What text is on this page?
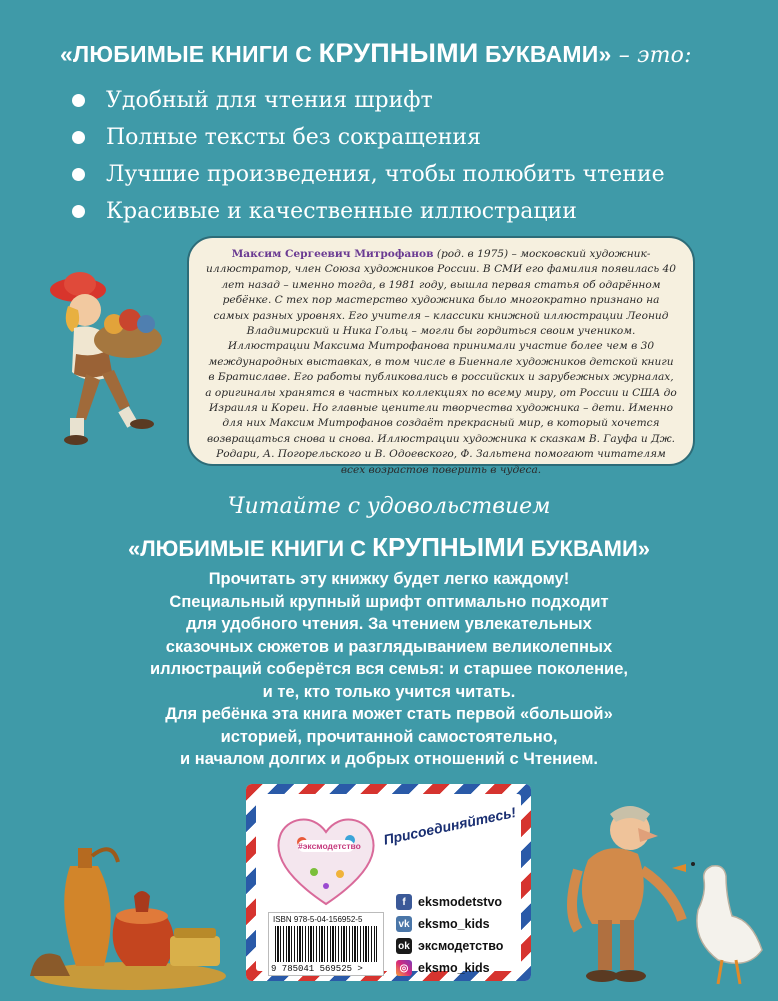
«ЛЮБИМЫЕ КНИГИ С КРУПНЫМИ БУКВАМИ» – это:
Удобный для чтения шрифт
Полные тексты без сокращения
Лучшие произведения, чтобы полюбить чтение
Красивые и качественные иллюстрации
Максим Сергеевич Митрофанов (род. в 1975) – московский художник-иллюстратор, член Союза художников России. В СМИ его фамилия появилась 40 лет назад – именно тогда, в 1981 году, вышла первая статья об одарённом ребёнке. С тех пор мастерство художника было многократно признано на самых разных уровнях. Его учителя – классики книжной иллюстрации Леонид Владимирский и Ника Гольц – могли бы гордиться своим учеником. Иллюстрации Максима Митрофанова принимали участие более чем в 30 международных выставках, в том числе в Биеннале художников детской книги в Братиславе. Его работы публиковались в российских и зарубежных журналах, а оригиналы хранятся в частных коллекциях по всему миру, от России и США до Израиля и Кореи. Но главные ценители творчества художника – дети. Именно для них Максим Митрофанов создаёт прекрасный мир, в который хочется возвращаться снова и снова. Иллюстрации художника к сказкам В. Гауфа и Дж. Родари, А. Погорельского и В. Одоевского, Ф. Зальтена помогают читателям всех возрастов поверить в чудеса.
Читайте с удовольствием
«ЛЮБИМЫЕ КНИГИ С КРУПНЫМИ БУКВАМИ»
Прочитать эту книжку будет легко каждому!
Специальный крупный шрифт оптимально подходит
для удобного чтения. За чтением увлекательных
сказочных сюжетов и разглядыванием великолепных
иллюстраций соберётся вся семья: и старшее поколение,
и те, кто только учится читать.
Для ребёнка эта книга может стать первой «большой»
историей, прочитанной самостоятельно,
и началом долгих и добрых отношений с Чтением.
#эксмодетство Присоединяйтесь!
ISBN 978-5-04-156952-5
9 785041 569525 >
f eksmodetstvo
vk eksmo_kids
ok эксмодетство
◎ eksmo_kids
